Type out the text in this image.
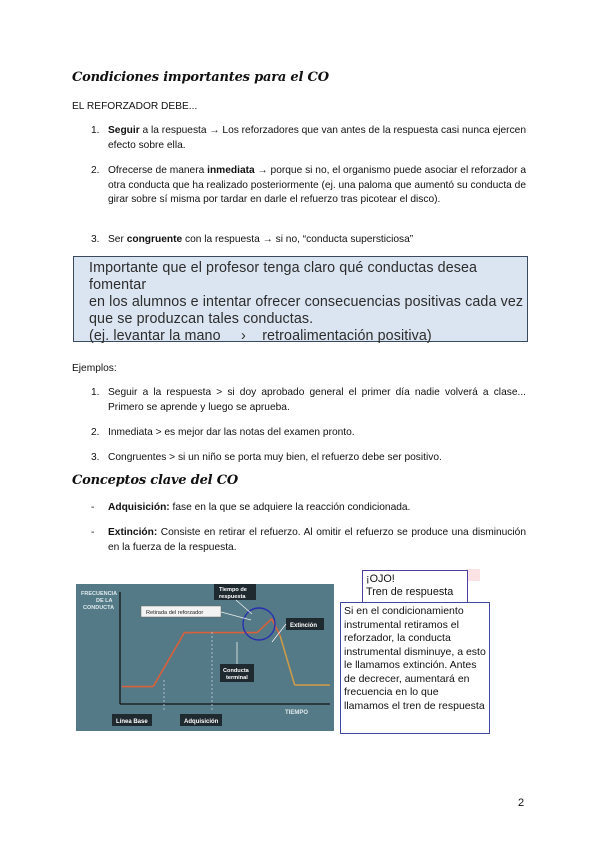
Condiciones importantes para el CO
EL REFORZADOR DEBE...
1. Seguir a la respuesta → Los reforzadores que van antes de la respuesta casi nunca ejercen efecto sobre ella.
2. Ofrecerse de manera inmediata → porque si no, el organismo puede asociar el reforzador a otra conducta que ha realizado posteriormente (ej. una paloma que aumentó su conducta de girar sobre sí misma por tardar en darle el refuerzo tras picotear el disco).
3. Ser congruente con la respuesta → si no, “conducta supersticiosa”

Importante que el profesor tenga claro qué conductas desea fomentar

en los alumnos e intentar ofrecer consecuencias positivas cada vez

que se produzcan tales conductas.

(ej. levantar la mano › retroalimentación positiva)

Ejemplos:
1. Seguir a la respuesta > si doy aprobado general el primer día nadie volverá a clase... Primero se aprende y luego se aprueba.
2. Inmediata > es mejor dar las notas del examen pronto.
3. Congruentes > si un niño se porta muy bien, el refuerzo debe ser positivo.
Conceptos clave del CO
- Adquisición: fase en la que se adquiere la reacción condicionada.
- Extinción: Consiste en retirar el refuerzo. Al omitir el refuerzo se produce una disminución en la fuerza de la respuesta.
FRECUENCIA
DE LA
CONDUCTA
TIEMPO
Retirada del reforzador
Tiempo de
respuesta
Extinción
Conducta
terminal
Línea Base	Adquisición
¡OJO!
Tren de respuesta
Si en el condicionamiento instrumental retiramos el reforzador, la conducta instrumental disminuye, a esto le llamamos extinción. Antes de decrecer, aumentará en frecuencia en lo que llamamos el tren de respuesta
2
